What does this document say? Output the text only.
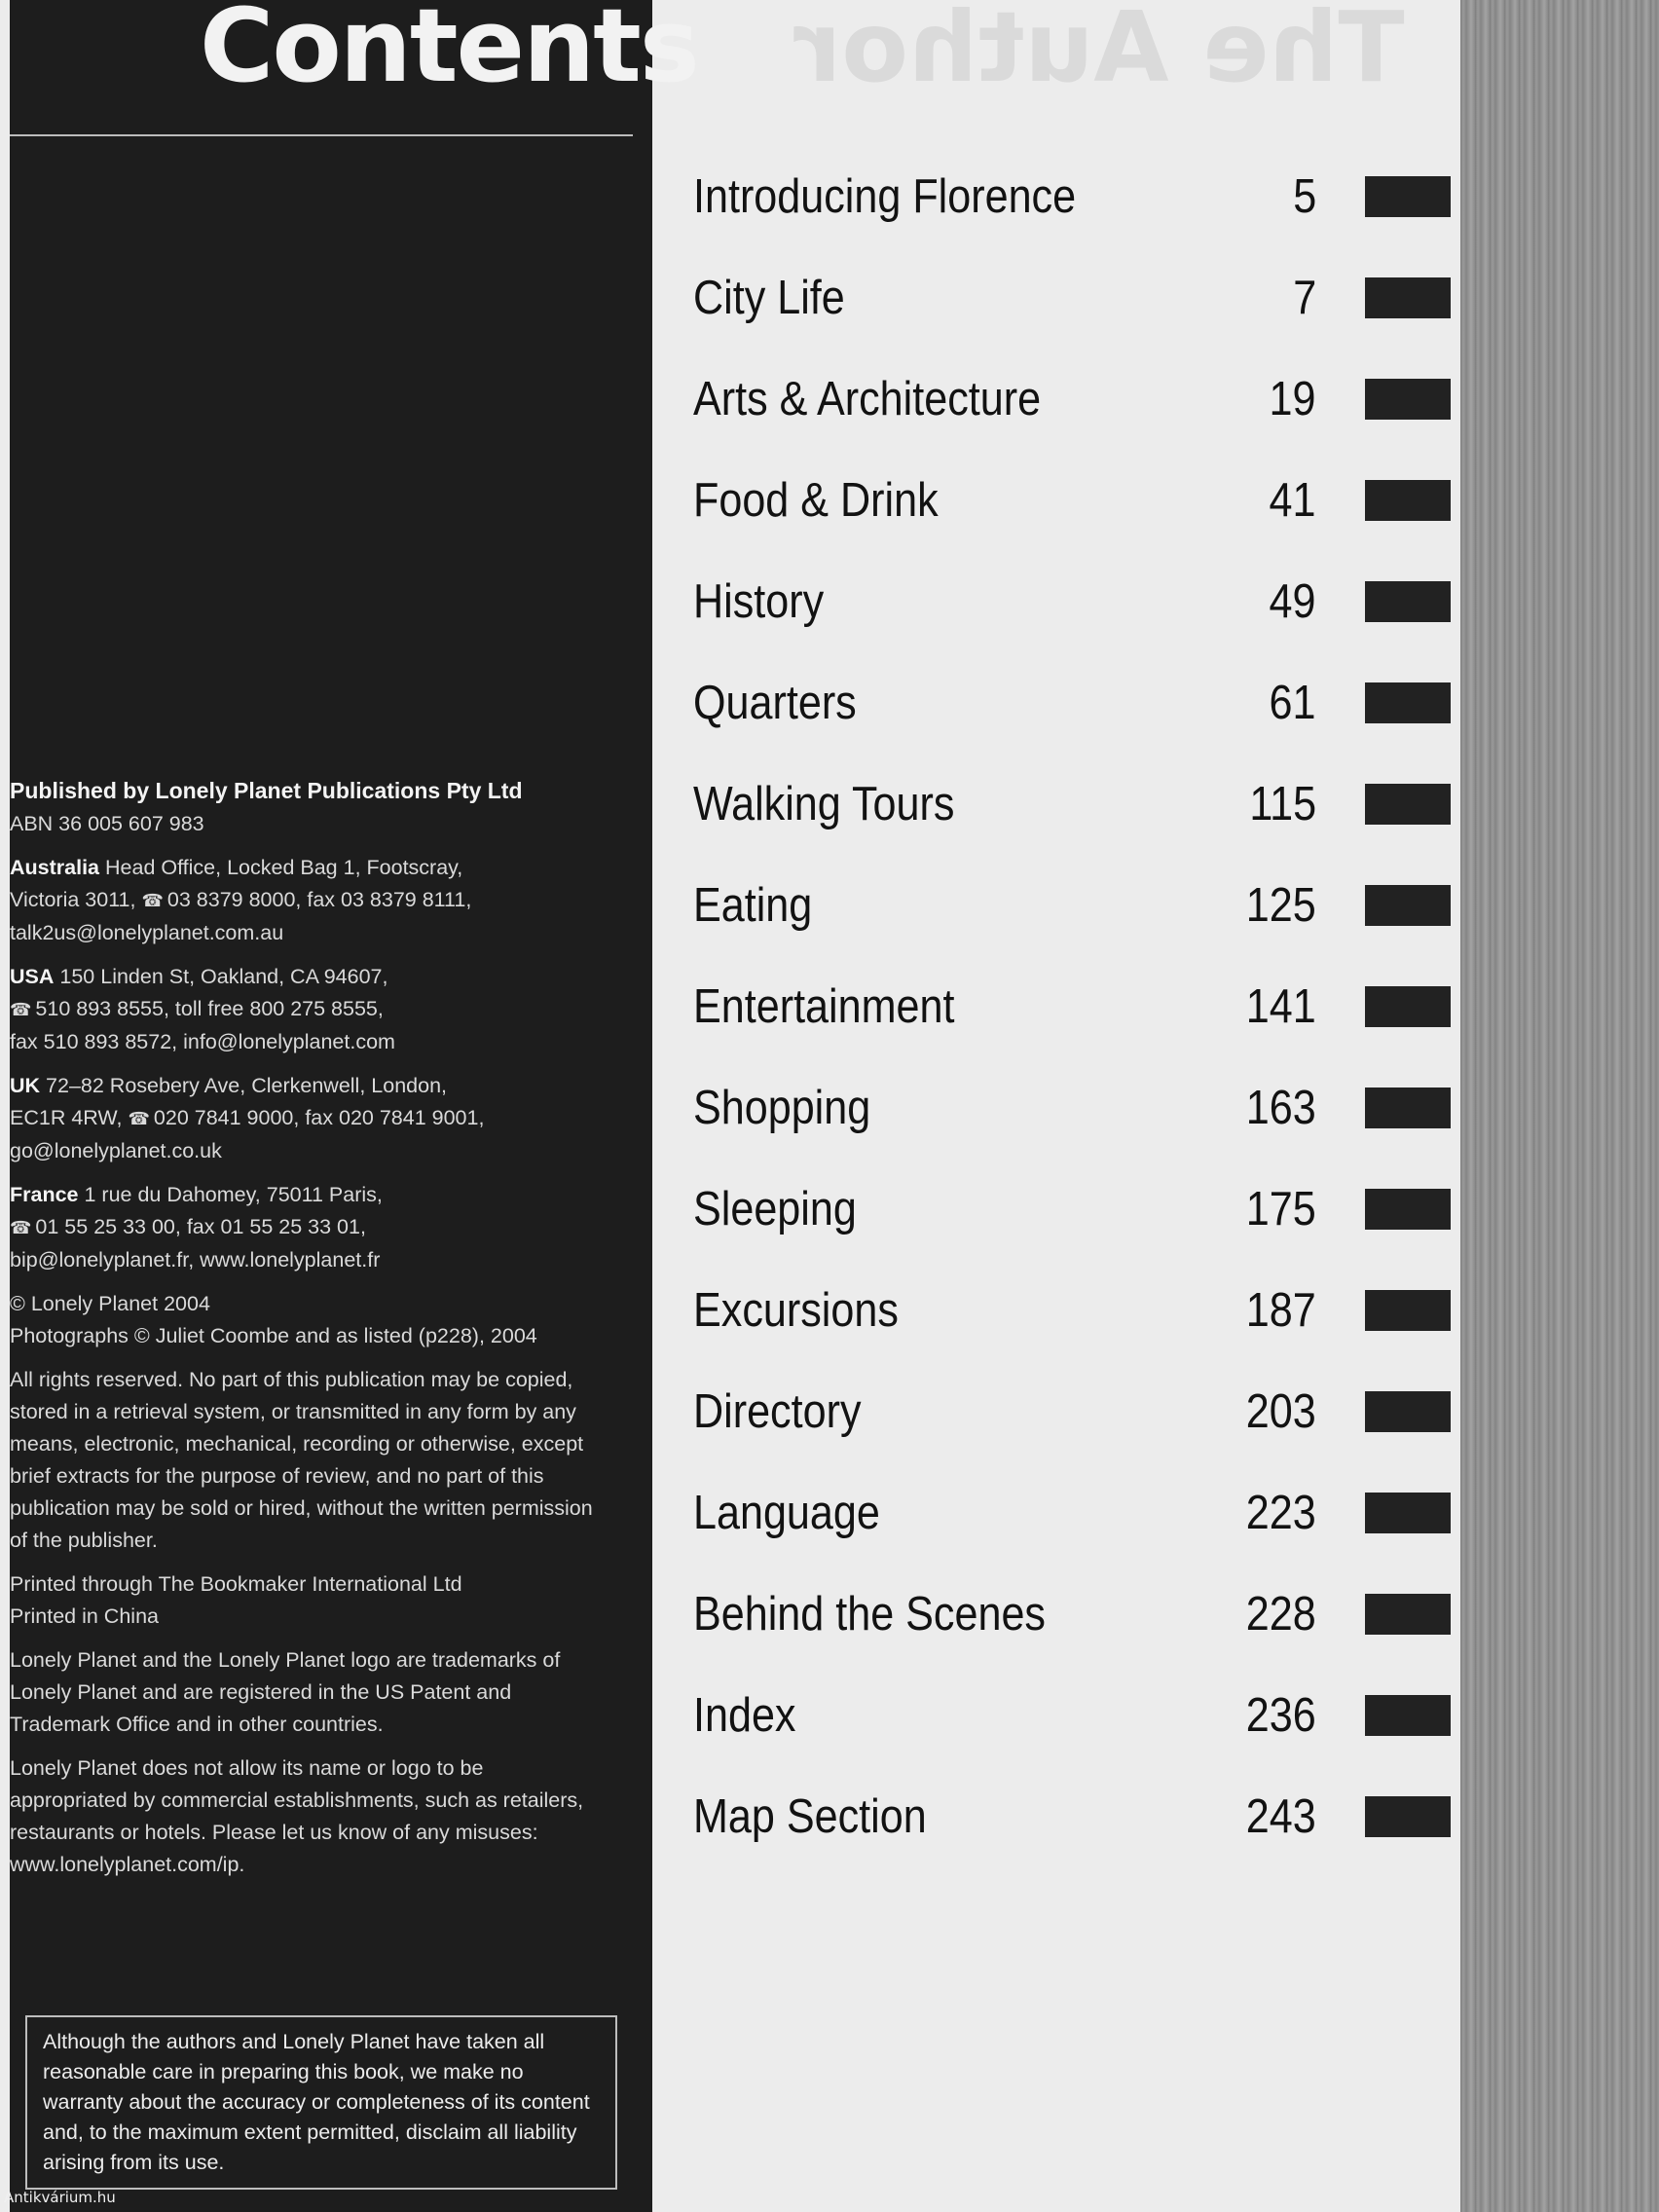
The Author
Contents

Published by Lonely Planet Publications Pty Ltd
ABN 36 005 607 983

Australia Head Office, Locked Bag 1, Footscray,
Victoria 3011, ☎ 03 8379 8000, fax 03 8379 8111,
talk2us@lonelyplanet.com.au

USA 150 Linden St, Oakland, CA 94607,
☎ 510 893 8555, toll free 800 275 8555,
fax 510 893 8572, info@lonelyplanet.com

UK 72–82 Rosebery Ave, Clerkenwell, London,
EC1R 4RW, ☎ 020 7841 9000, fax 020 7841 9001,
go@lonelyplanet.co.uk

France 1 rue du Dahomey, 75011 Paris,
☎ 01 55 25 33 00, fax 01 55 25 33 01,
bip@lonelyplanet.fr, www.lonelyplanet.fr

© Lonely Planet 2004
Photographs © Juliet Coombe and as listed (p228), 2004

All rights reserved. No part of this publication may be copied, stored in a retrieval system, or transmitted in any form by any means, electronic, mechanical, recording or otherwise, except brief extracts for the purpose of review, and no part of this publication may be sold or hired, without the written permission of the publisher.

Printed through The Bookmaker International Ltd
Printed in China

Lonely Planet and the Lonely Planet logo are trademarks of Lonely Planet and are registered in the US Patent and Trademark Office and in other countries.

Lonely Planet does not allow its name or logo to be appropriated by commercial establishments, such as retailers, restaurants or hotels. Please let us know of any misuses: www.lonelyplanet.com/ip.

Although the authors and Lonely Planet have taken all reasonable care in preparing this book, we make no warranty about the accuracy or completeness of its content and, to the maximum extent permitted, disclaim all liability arising from its use.
Introducing Florence	5
City Life	7
Arts & Architecture	19
Food & Drink	41
History	49
Quarters	61
Walking Tours	115
Eating	125
Entertainment	141
Shopping	163
Sleeping	175
Excursions	187
Directory	203
Language	223
Behind the Scenes	228
Index	236
Map Section	243
Antikvárium.hu
